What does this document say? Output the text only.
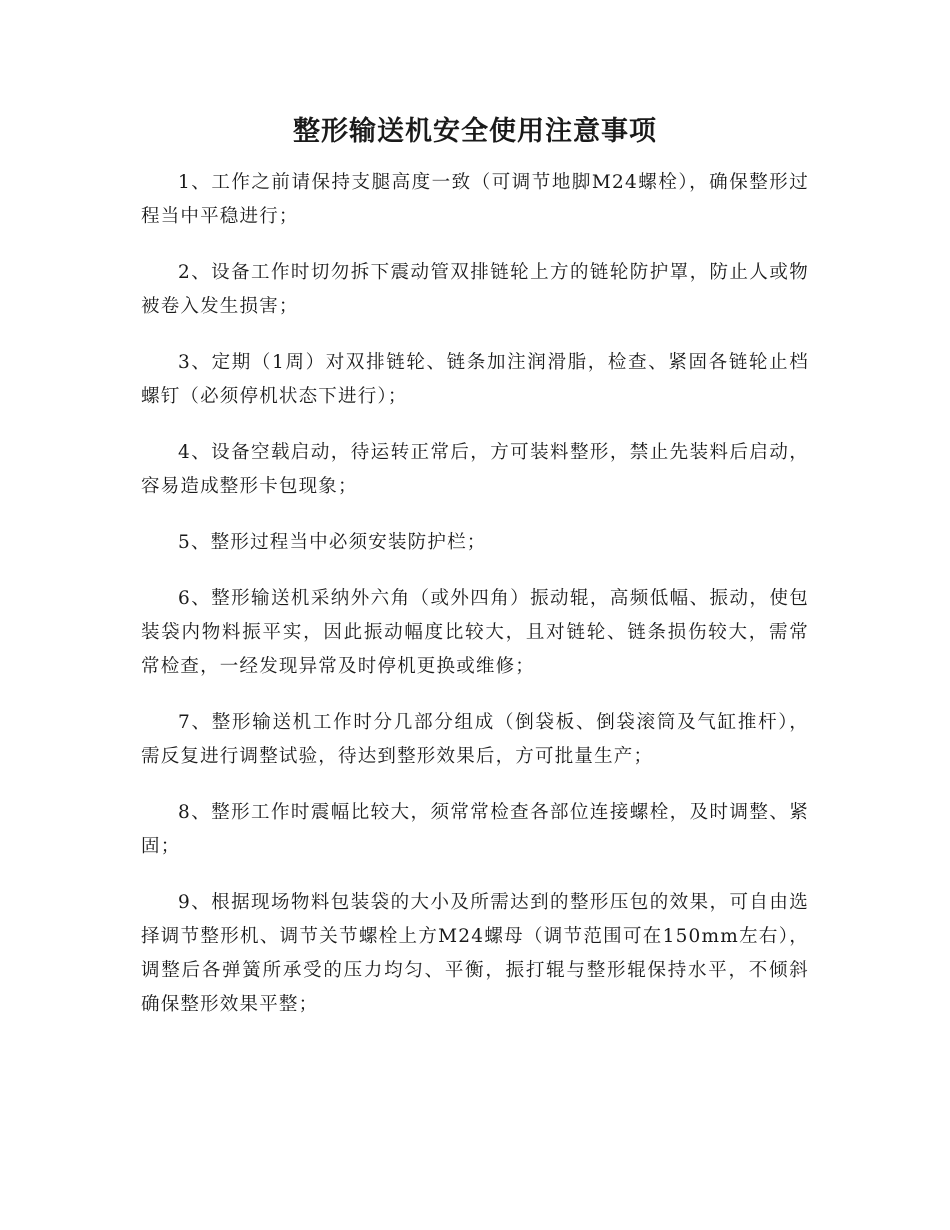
整形输送机安全使用注意事项

1、工作之前请保持支腿高度一致（可调节地脚M24螺栓），确保整形过程当中平稳进行；

2、设备工作时切勿拆下震动管双排链轮上方的链轮防护罩，防止人或物被卷入发生损害；

3、定期（1周）对双排链轮、链条加注润滑脂，检查、紧固各链轮止档螺钉（必须停机状态下进行）；

4、设备空载启动，待运转正常后，方可装料整形，禁止先装料后启动，容易造成整形卡包现象；

5、整形过程当中必须安装防护栏；

6、整形输送机采纳外六角（或外四角）振动辊，高频低幅、振动，使包装袋内物料振平实，因此振动幅度比较大，且对链轮、链条损伤较大，需常常检查，一经发现异常及时停机更换或维修；

7、整形输送机工作时分几部分组成（倒袋板、倒袋滚筒及气缸推杆），需反复进行调整试验，待达到整形效果后，方可批量生产；

8、整形工作时震幅比较大，须常常检查各部位连接螺栓，及时调整、紧固；

9、根据现场物料包装袋的大小及所需达到的整形压包的效果，可自由选择调节整形机、调节关节螺栓上方M24螺母（调节范围可在150mm左右），调整后各弹簧所承受的压力均匀、平衡，振打辊与整形辊保持水平，不倾斜确保整形效果平整；
